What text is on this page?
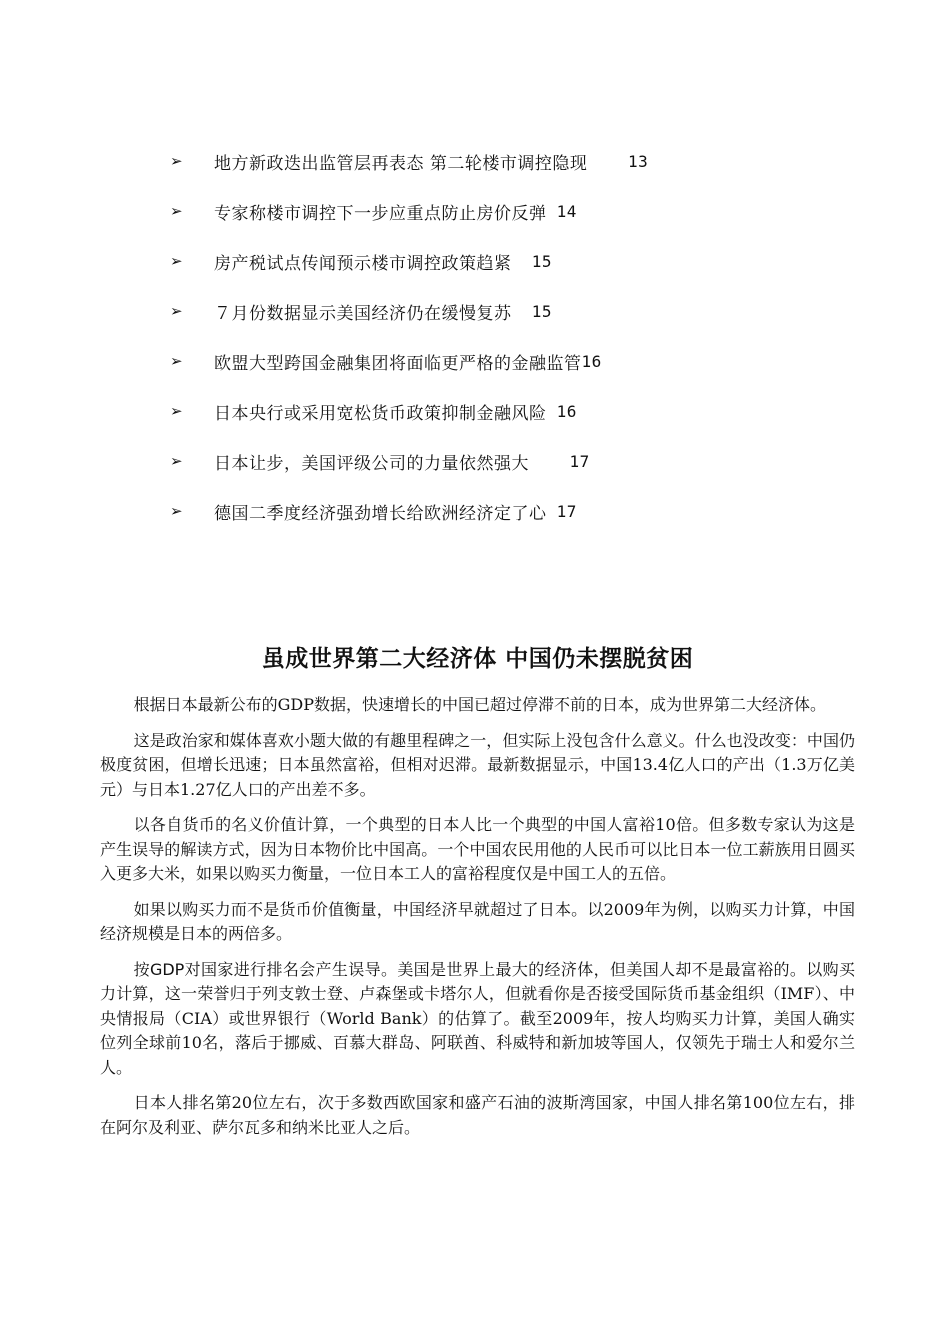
➢	地方新政迭出监管层再表态 第二轮楼市调控隐现 13
➢	专家称楼市调控下一步应重点防止房价反弹 14
➢	房产税试点传闻预示楼市调控政策趋紧 15
➢	７月份数据显示美国经济仍在缓慢复苏 15
➢	欧盟大型跨国金融集团将面临更严格的金融监管 16
➢	日本央行或采用宽松货币政策抑制金融风险 16
➢	日本让步，美国评级公司的力量依然强大 17
➢	德国二季度经济强劲增长给欧洲经济定了心 17
虽成世界第二大经济体 中国仍未摆脱贫困

根据日本最新公布的GDP数据，快速增长的中国已超过停滞不前的日本，成为世界第二大经济体。

这是政治家和媒体喜欢小题大做的有趣里程碑之一，但实际上没包含什么意义。什么也没改变：中国仍极度贫困，但增长迅速；日本虽然富裕，但相对迟滞。最新数据显示，中国13.4亿人口的产出（1.3万亿美元）与日本1.27亿人口的产出差不多。

以各自货币的名义价值计算，一个典型的日本人比一个典型的中国人富裕10倍。但多数专家认为这是产生误导的解读方式，因为日本物价比中国高。一个中国农民用他的人民币可以比日本一位工薪族用日圆买入更多大米，如果以购买力衡量，一位日本工人的富裕程度仅是中国工人的五倍。

如果以购买力而不是货币价值衡量，中国经济早就超过了日本。以2009年为例，以购买力计算，中国经济规模是日本的两倍多。

按GDP对国家进行排名会产生误导。美国是世界上最大的经济体，但美国人却不是最富裕的。以购买力计算，这一荣誉归于列支敦士登、卢森堡或卡塔尔人，但就看你是否接受国际货币基金组织（IMF）、中央情报局（CIA）或世界银行（World Bank）的估算了。截至2009年，按人均购买力计算，美国人确实位列全球前10名，落后于挪威、百慕大群岛、阿联酋、科威特和新加坡等国人，仅领先于瑞士人和爱尔兰人。

日本人排名第20位左右，次于多数西欧国家和盛产石油的波斯湾国家，中国人排名第100位左右，排在阿尔及利亚、萨尔瓦多和纳米比亚人之后。
